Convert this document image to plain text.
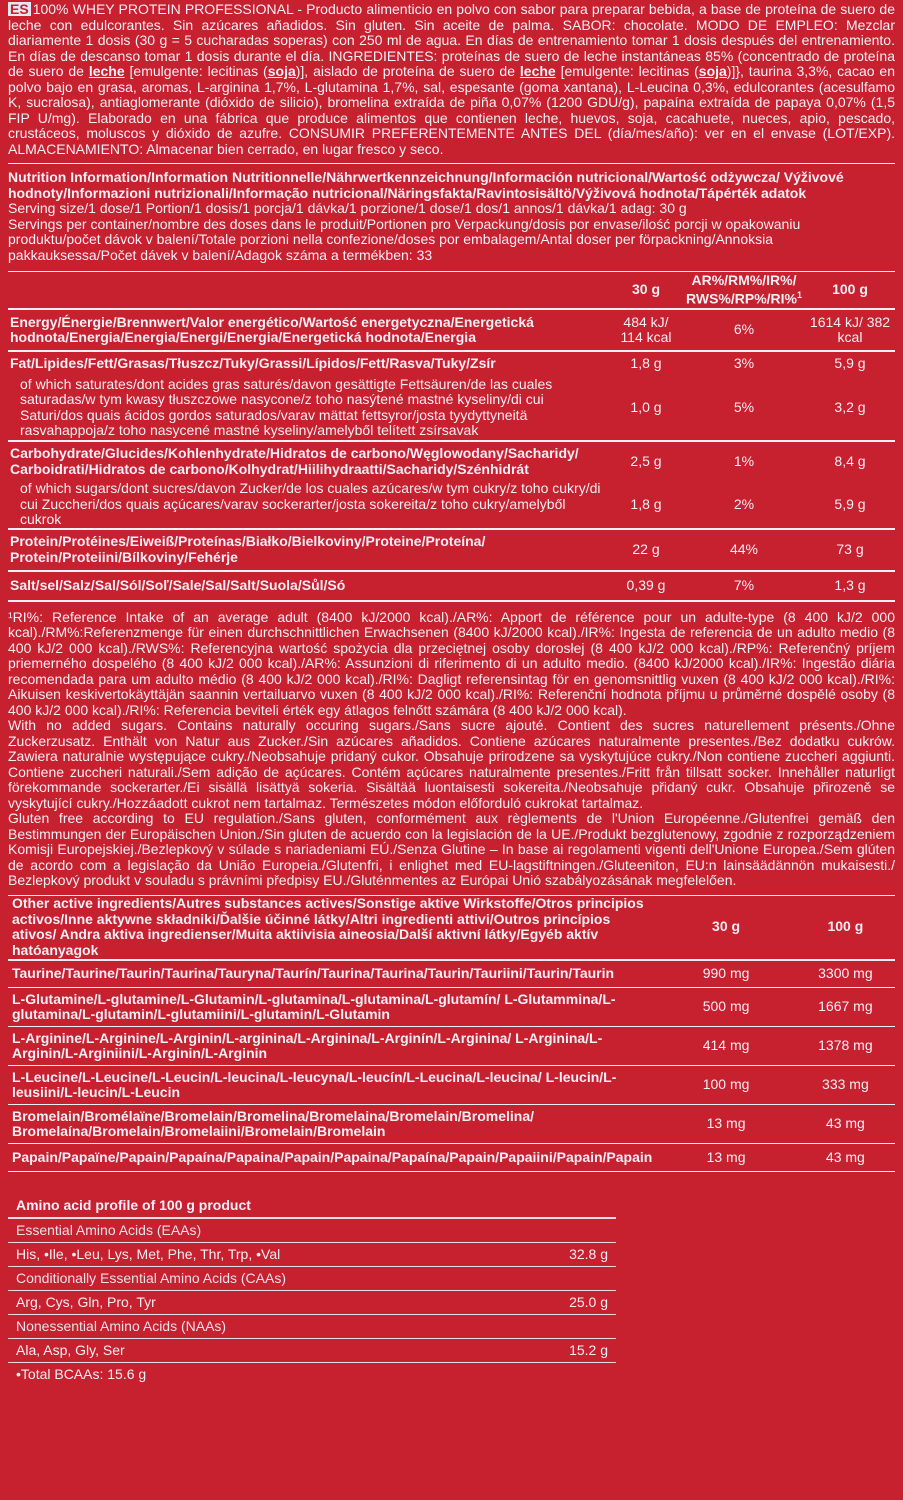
ES 100% WHEY PROTEIN PROFESSIONAL - Producto alimenticio en polvo con sabor para preparar bebida, a base de proteína de suero de leche con edulcorantes. Sin azúcares añadidos. Sin gluten. Sin aceite de palma. SABOR: chocolate. MODO DE EMPLEO: Mezclar diariamente 1 dosis (30 g = 5 cucharadas soperas) con 250 ml de agua. En días de entrenamiento tomar 1 dosis después del entrenamiento. En días de descanso tomar 1 dosis durante el día. INGREDIENTES: proteínas de suero de leche instantáneas 85% (concentrado de proteína de suero de leche [emulgente: lecitinas (soja)], aislado de proteína de suero de leche [emulgente: lecitinas (soja)]}, taurina 3,3%, cacao en polvo bajo en grasa, aromas, L-arginina 1,7%, L-glutamina 1,7%, sal, espesante (goma xantana), L-Leucina 0,3%, edulcorantes (acesulfamo K, sucralosa), antiaglomerante (dióxido de silicio), bromelina extraída de piña 0,07% (1200 GDU/g), papaína extraída de papaya 0,07% (1,5 FIP U/mg). Elaborado en una fábrica que produce alimentos que contienen leche, huevos, soja, cacahuete, nueces, apio, pescado, crustáceos, moluscos y dióxido de azufre. CONSUMIR PREFERENTEMENTE ANTES DEL (día/mes/año): ver en el envase (LOT/EXP). ALMACENAMIENTO: Almacenar bien cerrado, en lugar fresco y seco.
Nutrition Information/Information Nutritionnelle/Nährwertkennzeichnung/Información nutricional/Wartość odżywcza/ Výživové hodnoty/Informazioni nutrizionali/Informação nutricional/Näringsfakta/Ravintosisältö/Výživová hodnota/Tápérték adatok
Serving size/1 dose/1 Portion/1 dosis/1 porcja/1 dávka/1 porzione/1 dose/1 dos/1 annos/1 dávka/1 adag: 30 g
Servings per container/nombre des doses dans le produit/Portionen pro Verpackung/dosis por envase/ilość porcji w opakowaniu produktu/počet dávok v balení/Totale porzioni nella confezione/doses por embalagem/Antal doser per förpackning/Annoksia pakkauksessa/Počet dávek v balení/Adagok száma a termékben: 33
	30 g	AR%/RM%/IR%/ RWS%/RP%/RI%$^1$	100 g
Energy/Énergie/Brennwert/Valor energético/Wartość energetyczna/Energetická hodnota/Energia/Energia/Energi/Energia/Energetická hodnota/Energia	484 kJ/ 114 kcal	6%	1614 kJ/ 382 kcal
Fat/Lipides/Fett/Grasas/Tłuszcz/Tuky/Grassi/Lípidos/Fett/Rasva/Tuky/Zsír	1,8 g	3%	5,9 g
of which saturates/dont acides gras saturés/davon gesättigte Fettsäuren/de las cuales saturadas/w tym kwasy tłuszczowe nasycone/z toho nasýtené mastné kyseliny/di cui Saturi/dos quais ácidos gordos saturados/varav mättat fettsyror/josta tyydyttyneitä rasvahappoja/z toho nasycené mastné kyseliny/amelyből telített zsírsavak	1,0 g	5%	3,2 g
Carbohydrate/Glucides/Kohlenhydrate/Hidratos de carbono/Węglowodany/Sacharidy/ Carboidrati/Hidratos de carbono/Kolhydrat/Hiilihydraatti/Sacharidy/Szénhidrát	2,5 g	1%	8,4 g
of which sugars/dont sucres/davon Zucker/de los cuales azúcares/w tym cukry/z toho cukry/di cui Zuccheri/dos quais açúcares/varav sockerarter/josta sokereita/z toho cukry/amelyből cukrok	1,8 g	2%	5,9 g
Protein/Protéines/Eiweiß/Proteínas/Białko/Bielkoviny/Proteine/Proteína/ Protein/Proteiini/Bílkoviny/Fehérje	22 g	44%	73 g
Salt/sel/Salz/Sal/Sól/Soľ/Sale/Sal/Salt/Suola/Sůl/Só	0,39 g	7%	1,3 g
¹RI%: Reference Intake of an average adult (8400 kJ/2000 kcal)./AR%: Apport de référence pour un adulte-type (8 400 kJ/2 000 kcal)./RM%:Referenzmenge für einen durchschnittlichen Erwachsenen (8400 kJ/2000 kcal)./IR%: Ingesta de referencia de un adulto medio (8 400 kJ/2 000 kcal)./RWS%: Referencyjna wartość spożycia dla przeciętnej osoby dorosłej (8 400 kJ/2 000 kcal)./RP%: Referenčný príjem priemerného dospelého (8 400 kJ/2 000 kcal)./AR%: Assunzioni di riferimento di un adulto medio. (8400 kJ/2000 kcal)./IR%: Ingestão diária recomendada para um adulto médio (8 400 kJ/2 000 kcal)./RI%: Dagligt referensintag för en genomsnittlig vuxen (8 400 kJ/2 000 kcal)./RI%: Aikuisen keskivertokäyttäjän saannin vertailuarvo vuxen (8 400 kJ/2 000 kcal)./RI%: Referenční hodnota příjmu u průměrné dospělé osoby (8 400 kJ/2 000 kcal)./RI%: Referencia beviteli érték egy átlagos felnőtt számára (8 400 kJ/2 000 kcal).
With no added sugars. Contains naturally occuring sugars./Sans sucre ajouté. Contient des sucres naturellement présents./Ohne Zuckerzusatz. Enthält von Natur aus Zucker./Sin azúcares añadidos. Contiene azúcares naturalmente presentes./Bez dodatku cukrów. Zawiera naturalnie występujące cukry./Neobsahuje pridaný cukor. Obsahuje prirodzene sa vyskytujúce cukry./Non contiene zuccheri aggiunti. Contiene zuccheri naturali./Sem adição de açúcares. Contém açúcares naturalmente presentes./Fritt från tillsatt socker. Innehåller naturligt förekommande sockerarter./Ei sisällä lisättyä sokeria. Sisältää luontaisesti sokereita./Neobsahuje přidaný cukr. Obsahuje přirozeně se vyskytující cukry./Hozzáadott cukrot nem tartalmaz. Természetes módon előforduló cukrokat tartalmaz.
Gluten free according to EU regulation./Sans gluten, conformément aux règlements de l'Union Européenne./Glutenfrei gemäß den Bestimmungen der Europäischen Union./Sin gluten de acuerdo con la legislación de la UE./Produkt bezglutenowy, zgodnie z rozporządzeniem Komisji Europejskiej./Bezlepkový v súlade s nariadeniami EÚ./Senza Glutine – In base ai regolamenti vigenti dell'Unione Europea./Sem glúten de acordo com a legislação da União Europeia./Glutenfri, i enlighet med EU-lagstiftningen./Gluteeniton, EU:n lainsäädännön mukaisesti./ Bezlepkový produkt v souladu s právními předpisy EU./Gluténmentes az Európai Unió szabályozásának megfelelően.
Other active ingredients/Autres substances actives/Sonstige aktive Wirkstoffe/Otros principios activos/Inne aktywne składniki/Ďalšie účinné látky/Altri ingredienti attivi/Outros princípios ativos/ Andra aktiva ingredienser/Muita aktiivisia aineosia/Další aktivní látky/Egyéb aktív hatóanyagok	30 g	100 g
Taurine/Taurine/Taurin/Taurina/Tauryna/Taurín/Taurina/Taurina/Taurin/Tauriini/Taurin/Taurin	990 mg	3300 mg
L-Glutamine/L-glutamine/L-Glutamin/L-glutamina/L-glutamina/L-glutamín/ L-Glutammina/L-glutamina/L-glutamin/L-glutamiini/L-glutamin/L-Glutamin	500 mg	1667 mg
L-Arginine/L-Arginine/L-Arginin/L-arginina/L-Arginina/L-Arginín/L-Arginina/ L-Arginina/L-Arginin/L-Arginiini/L-Arginin/L-Arginin	414 mg	1378 mg
L-Leucine/L-Leucine/L-Leucin/L-leucina/L-leucyna/L-leucín/L-Leucina/L-leucina/ L-leucin/L-leusiini/L-leucin/L-Leucin	100 mg	333 mg
Bromelain/Bromélaïne/Bromelain/Bromelina/Bromelaina/Bromelain/Bromelina/ Bromelaína/Bromelain/Bromelaiini/Bromelain/Bromelain	13 mg	43 mg
Papain/Papaïne/Papain/Papaína/Papaina/Papain/Papaina/Papaína/Papain/Papaiini/Papain/Papain	13 mg	43 mg
Amino acid profile of 100 g product	
Essential Amino Acids (EAAs)	
His, •Ile, •Leu, Lys, Met, Phe, Thr, Trp, •Val	32.8 g
Conditionally Essential Amino Acids (CAAs)	
Arg, Cys, Gln, Pro, Tyr	25.0 g
Nonessential Amino Acids (NAAs)	
Ala, Asp, Gly, Ser	15.2 g
•Total BCAAs: 15.6 g	
